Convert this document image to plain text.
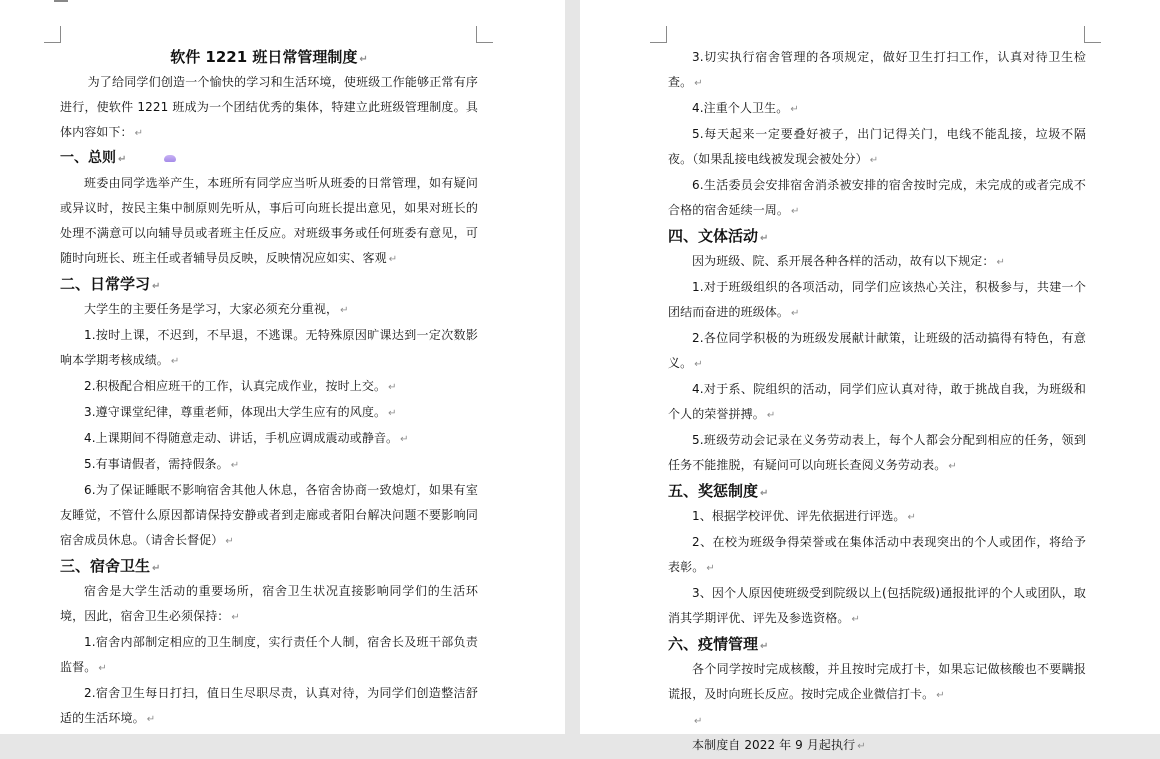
软件 1221 班日常管理制度 ↵

为了给同学们创造一个愉快的学习和生活环境，使班级工作能够正常有序进行，使软件 1221 班成为一个团结优秀的集体，特建立此班级管理制度。具体内容如下： ↵

一、总则 ↵

班委由同学选举产生，本班所有同学应当听从班委的日常管理，如有疑问或异议时，按民主集中制原则先听从，事后可向班长提出意见，如果对班长的处理不满意可以向辅导员或者班主任反应。对班级事务或任何班委有意见，可随时向班长、班主任或者辅导员反映，反映情况应如实、客观 ↵

二、日常学习 ↵

大学生的主要任务是学习，大家必须充分重视， ↵

1.按时上课，不迟到，不早退，不逃课。无特殊原因旷课达到一定次数影响本学期考核成绩。 ↵

2.积极配合相应班干的工作，认真完成作业，按时上交。 ↵

3.遵守课堂纪律，尊重老师，体现出大学生应有的风度。 ↵

4.上课期间不得随意走动、讲话，手机应调成震动或静音。 ↵

5.有事请假者，需持假条。 ↵

6.为了保证睡眠不影响宿舍其他人休息，各宿舍协商一致熄灯，如果有室友睡觉，不管什么原因都请保持安静或者到走廊或者阳台解决问题不要影响同宿舍成员休息。（请舍长督促） ↵

三、宿舍卫生 ↵

宿舍是大学生活动的重要场所，宿舍卫生状况直接影响同学们的生活环境，因此，宿舍卫生必须保持： ↵

1.宿舍内部制定相应的卫生制度，实行责任个人制，宿舍长及班干部负责监督。 ↵

2.宿舍卫生每日打扫，值日生尽职尽责，认真对待，为同学们创造整洁舒适的生活环境。 ↵

3.切实执行宿舍管理的各项规定，做好卫生打扫工作，认真对待卫生检查。 ↵

4.注重个人卫生。 ↵

5.每天起来一定要叠好被子，出门记得关门，电线不能乱接，垃圾不隔夜。（如果乱接电线被发现会被处分） ↵

6.生活委员会安排宿舍消杀被安排的宿舍按时完成，未完成的或者完成不合格的宿舍延续一周。 ↵

四、文体活动 ↵

因为班级、院、系开展各种各样的活动，故有以下规定： ↵

1.对于班级组织的各项活动，同学们应该热心关注，积极参与，共建一个团结而奋进的班级体。 ↵

2.各位同学积极的为班级发展献计献策，让班级的活动搞得有特色，有意义。 ↵

4.对于系、院组织的活动，同学们应认真对待，敢于挑战自我，为班级和个人的荣誉拼搏。 ↵

5.班级劳动会记录在义务劳动表上，每个人都会分配到相应的任务，领到任务不能推脱，有疑问可以向班长查阅义务劳动表。 ↵

五、奖惩制度 ↵

1、根据学校评优、评先依据进行评选。 ↵

2、在校为班级争得荣誉或在集体活动中表现突出的个人或团作，将给予表彰。 ↵

3、因个人原因使班级受到院级以上(包括院级)通报批评的个人或团队，取消其学期评优、评先及参选资格。 ↵

六、疫情管理 ↵

各个同学按时完成核酸，并且按时完成打卡，如果忘记做核酸也不要瞒报谎报，及时向班长反应。按时完成企业微信打卡。 ↵

↵

本制度自 2022 年 9 月起执行 ↵
